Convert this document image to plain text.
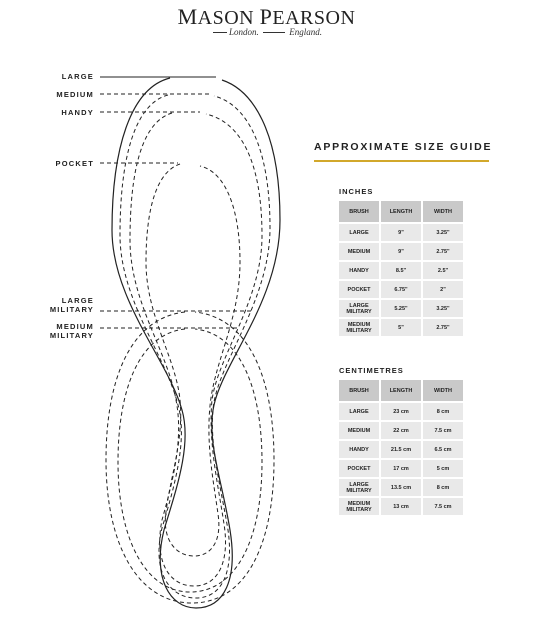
MASON PEARSON
London.	England.
LARGE
MEDIUM
HANDY
POCKET
LARGE
MILITARY
MEDIUM
MILITARY
APPROXIMATE SIZE GUIDE
INCHES
BRUSH	LENGTH	WIDTH
LARGE	9"	3.25"
MEDIUM	9"	2.75"
HANDY	8.5"	2.5"
POCKET	6.75"	2"
LARGE
MILITARY	5.25"	3.25"
MEDIUM
MILITARY	5"	2.75"
CENTIMETRES
BRUSH	LENGTH	WIDTH
LARGE	23 cm	8 cm
MEDIUM	22 cm	7.5 cm
HANDY	21.5 cm	6.5 cm
POCKET	17 cm	5 cm
LARGE
MILITARY	13.5 cm	8 cm
MEDIUM
MILITARY	13 cm	7.5 cm
